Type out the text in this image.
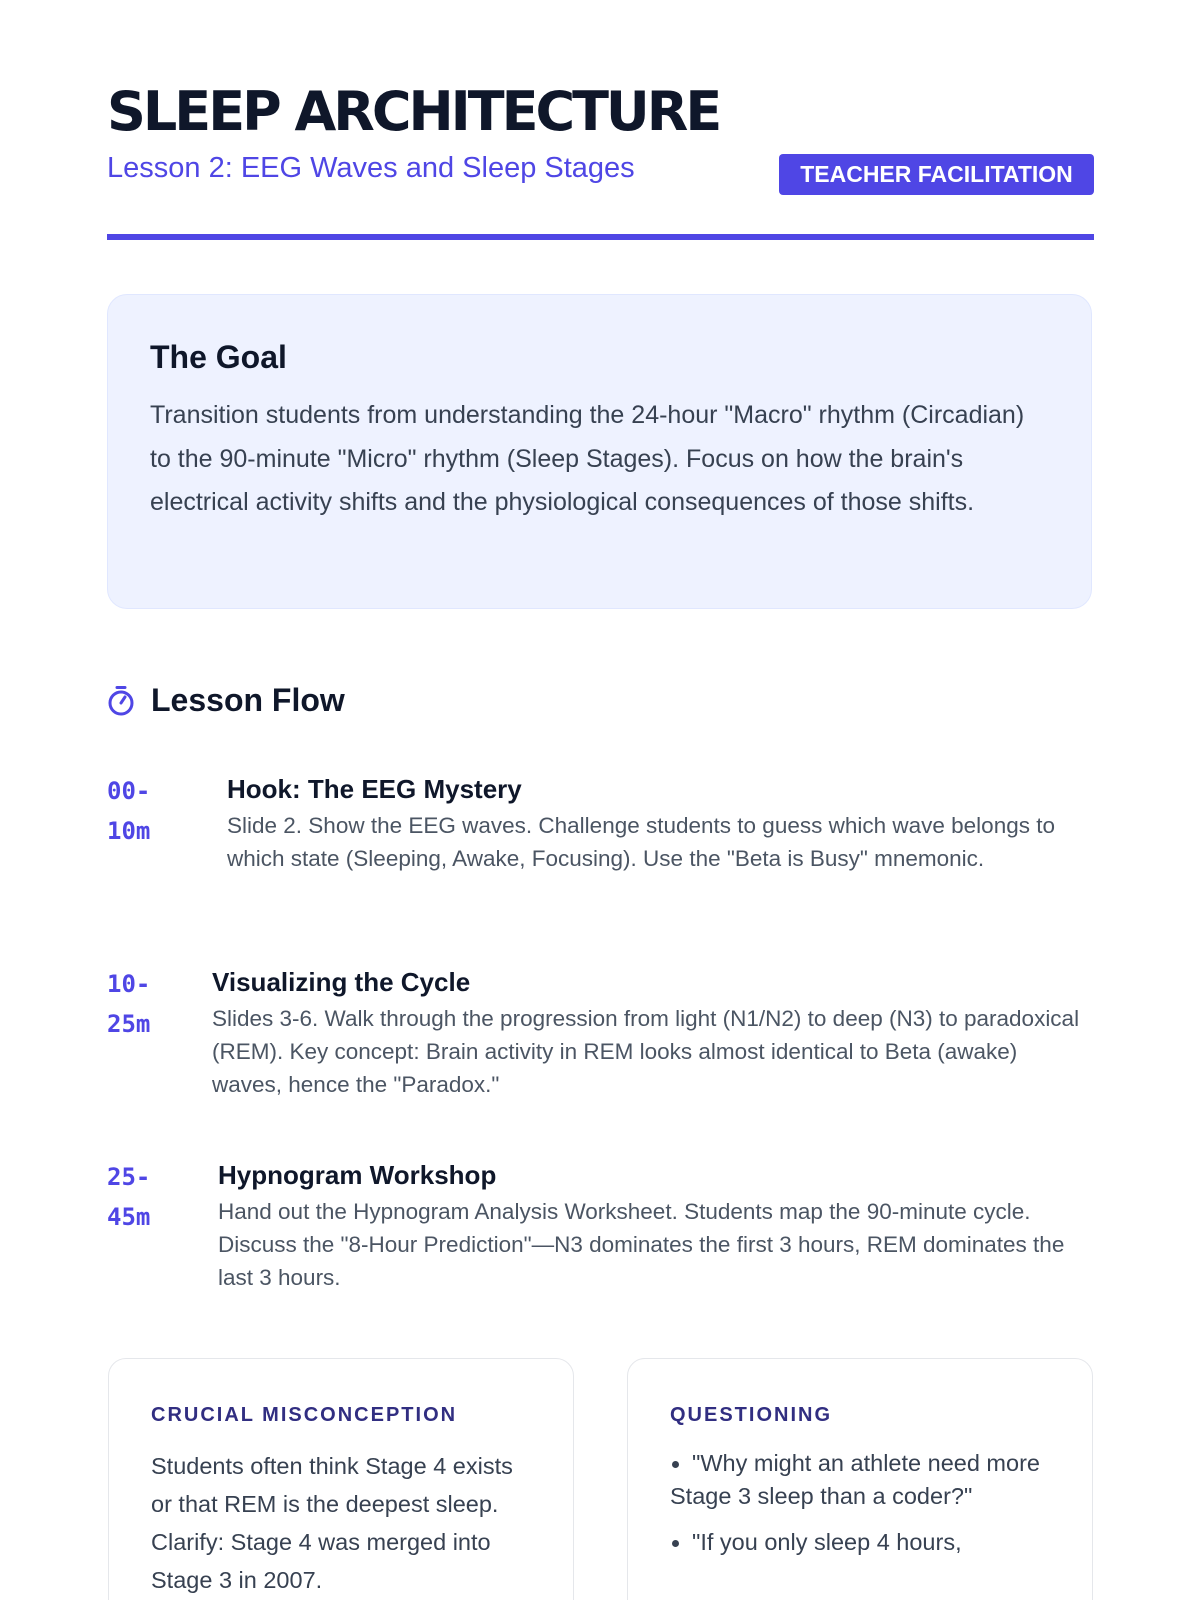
SLEEP ARCHITECTURE
Lesson 2: EEG Waves and Sleep Stages	TEACHER FACILITATION
The Goal

Transition students from understanding the 24-hour "Macro" rhythm (Circadian) to the 90-minute "Micro" rhythm (Sleep Stages). Focus on how the brain's electrical activity shifts and the physiological consequences of those shifts.

Lesson Flow
00-
10m
Hook: The EEG Mystery
Slide 2. Show the EEG waves. Challenge students to guess which wave belongs to which state (Sleeping, Awake, Focusing). Use the "Beta is Busy" mnemonic.
10-
25m
Visualizing the Cycle
Slides 3-6. Walk through the progression from light (N1/N2) to deep (N3) to paradoxical (REM). Key concept: Brain activity in REM looks almost identical to Beta (awake) waves, hence the "Paradox."
25-
45m
Hypnogram Workshop
Hand out the Hypnogram Analysis Worksheet. Students map the 90-minute cycle. Discuss the "8-Hour Prediction"—N3 dominates the first 3 hours, REM dominates the last 3 hours.
CRUCIAL MISCONCEPTION

Students often think Stage 4 exists or that REM is the deepest sleep. Clarify: Stage 4 was merged into Stage 3 in 2007.

QUESTIONING
"Why might an athlete need more Stage 3 sleep than a coder?"
"If you only sleep 4 hours,
